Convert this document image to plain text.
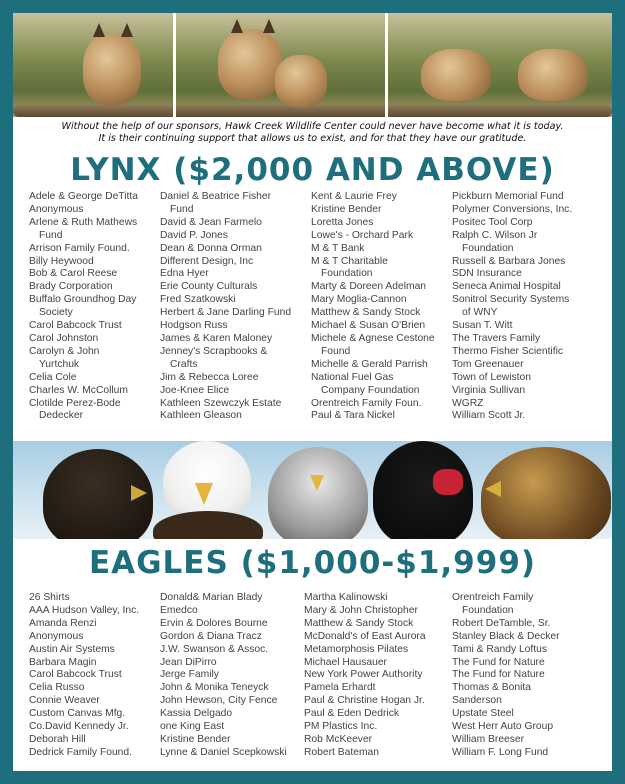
Without the help of our sponsors, Hawk Creek Wildlife Center could never have become what it is today.
It is their continuing support that allows us to exist, and for that they have our gratitude.
LYNX ($2,000 AND ABOVE)
Adele & George DeTitta
Anonymous
Arlene & Ruth Mathews
Fund
Arrison Family Found.
Billy Heywood
Bob & Carol Reese
Brady Corporation
Buffalo Groundhog Day
Society
Carol Babcock Trust
Carol Johnston
Carolyn & John
Yurtchuk
Celia Cole
Charles W. McCollum
Clotilde Perez-Bode
Dedecker
Daniel & Beatrice Fisher
Fund
David & Jean Farmelo
David P. Jones
Dean & Donna Orman
Different Design, Inc
Edna Hyer
Erie County Culturals
Fred Szatkowski
Herbert & Jane Darling Fund
Hodgson Russ
James & Karen Maloney
Jenney's Scrapbooks &
Crafts
Jim & Rebecca Loree
Joe-Knee Elice
Kathleen Szewczyk Estate
Kathleen Gleason
Kent & Laurie Frey
Kristine Bender
Loretta Jones
Lowe's - Orchard Park
M & T Bank
M & T Charitable
Foundation
Marty & Doreen Adelman
Mary Moglia-Cannon
Matthew & Sandy Stock
Michael & Susan O'Brien
Michele & Agnese Cestone
Found
Michelle & Gerald Parrish
National Fuel Gas
Company Foundation
Orentreich Family Foun.
Paul & Tara Nickel
Pickburn Memorial Fund
Polymer Conversions, Inc.
Positec Tool Corp
Ralph C. Wilson Jr
Foundation
Russell & Barbara Jones
SDN Insurance
Seneca Animal Hospital
Sonitrol Security Systems
of WNY
Susan T. Witt
The Travers Family
Thermo Fisher Scientific
Tom Greenauer
Town of Lewiston
Virginia Sullivan
WGRZ
William Scott Jr.
EAGLES ($1,000-$1,999)
26 Shirts
AAA Hudson Valley, Inc.
Amanda Renzi
Anonymous
Austin Air Systems
Barbara Magin
Carol Babcock Trust
Celia Russo
Connie Weaver
Custom Canvas Mfg.
Co.David Kennedy Jr.
Deborah Hill
Dedrick Family Found.
Donald& Marian Blady
Emedco
Ervin & Dolores Bourne
Gordon & Diana Tracz
J.W. Swanson & Assoc.
Jean DiPirro
Jerge Family
John & Monika Teneyck
John Hewson, City Fence
Kassia Delgado
one King East
Kristine Bender
Lynne & Daniel Scepkowski
Martha Kalinowski
Mary & John Christopher
Matthew & Sandy Stock
McDonald's of East Aurora
Metamorphosis Pilates
Michael Hausauer
New York Power Authority
Pamela Erhardt
Paul & Christine Hogan Jr.
Paul & Eden Dedrick
PM Plastics Inc.
Rob McKeever
Robert Bateman
Orentreich Family
Foundation
Robert DeTamble, Sr.
Stanley Black & Decker
Tami & Randy Loftus
The Fund for Nature
The Fund for Nature
Thomas & Bonita
Sanderson
Upstate Steel
West Herr Auto Group
William Breeser
William F. Long Fund
